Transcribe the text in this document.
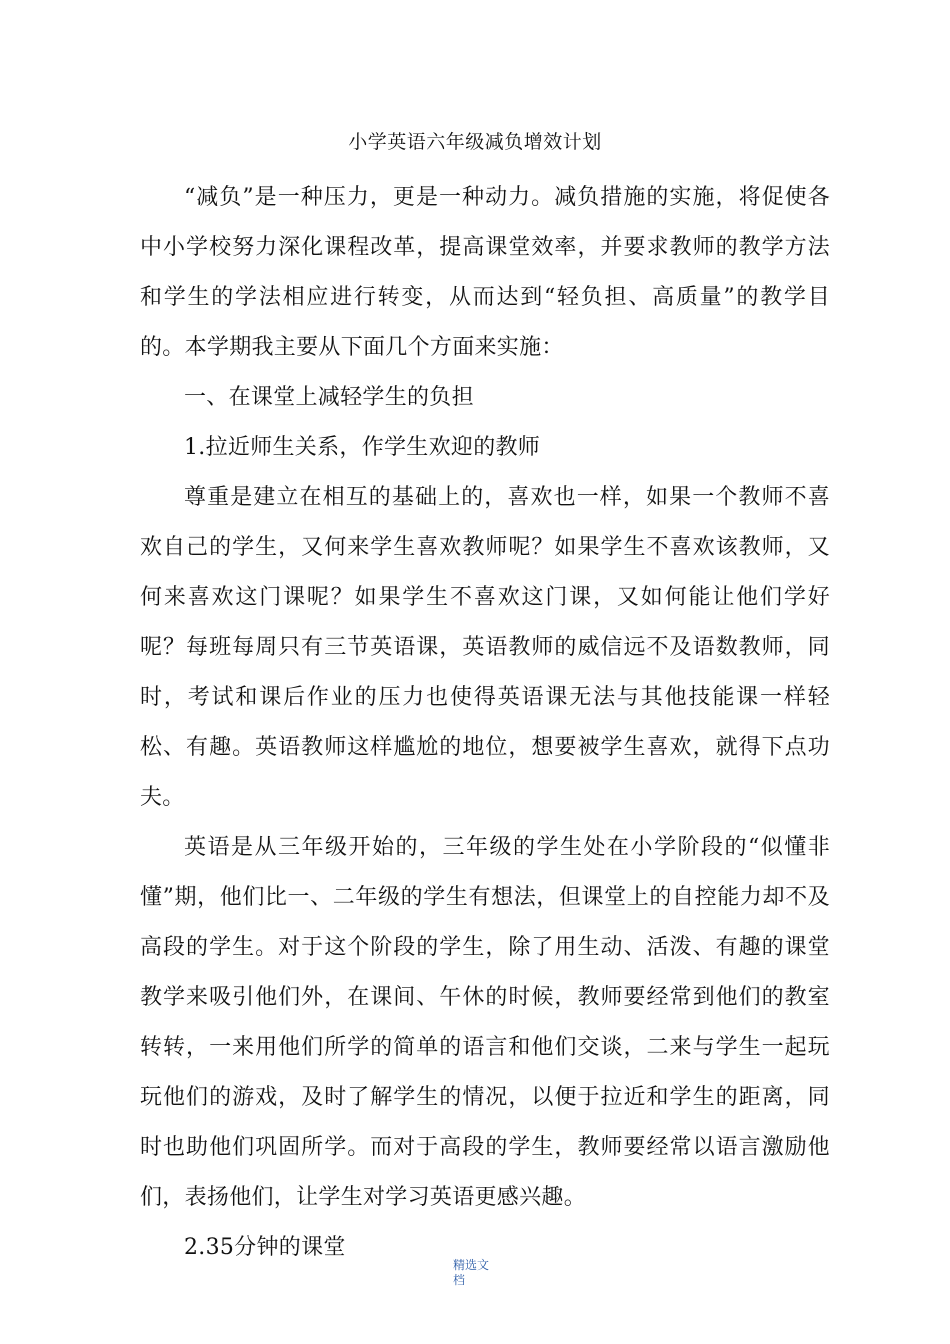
小学英语六年级减负增效计划

“减负”是一种压力，更是一种动力。减负措施的实施，将促使各中小学校努力深化课程改革，提高课堂效率，并要求教师的教学方法和学生的学法相应进行转变，从而达到“轻负担、高质量”的教学目的。本学期我主要从下面几个方面来实施：

一、在课堂上减轻学生的负担

1.拉近师生关系，作学生欢迎的教师

尊重是建立在相互的基础上的，喜欢也一样，如果一个教师不喜欢自己的学生，又何来学生喜欢教师呢？如果学生不喜欢该教师，又何来喜欢这门课呢？如果学生不喜欢这门课，又如何能让他们学好呢？每班每周只有三节英语课，英语教师的威信远不及语数教师，同时，考试和课后作业的压力也使得英语课无法与其他技能课一样轻松、有趣。英语教师这样尴尬的地位，想要被学生喜欢，就得下点功夫。

英语是从三年级开始的，三年级的学生处在小学阶段的“似懂非懂”期，他们比一、二年级的学生有想法，但课堂上的自控能力却不及高段的学生。对于这个阶段的学生，除了用生动、活泼、有趣的课堂教学来吸引他们外，在课间、午休的时候，教师要经常到他们的教室转转，一来用他们所学的简单的语言和他们交谈，二来与学生一起玩玩他们的游戏，及时了解学生的情况，以便于拉近和学生的距离，同时也助他们巩固所学。而对于高段的学生，教师要经常以语言激励他们，表扬他们，让学生对学习英语更感兴趣。

2.35分钟的课堂

精选文
档
